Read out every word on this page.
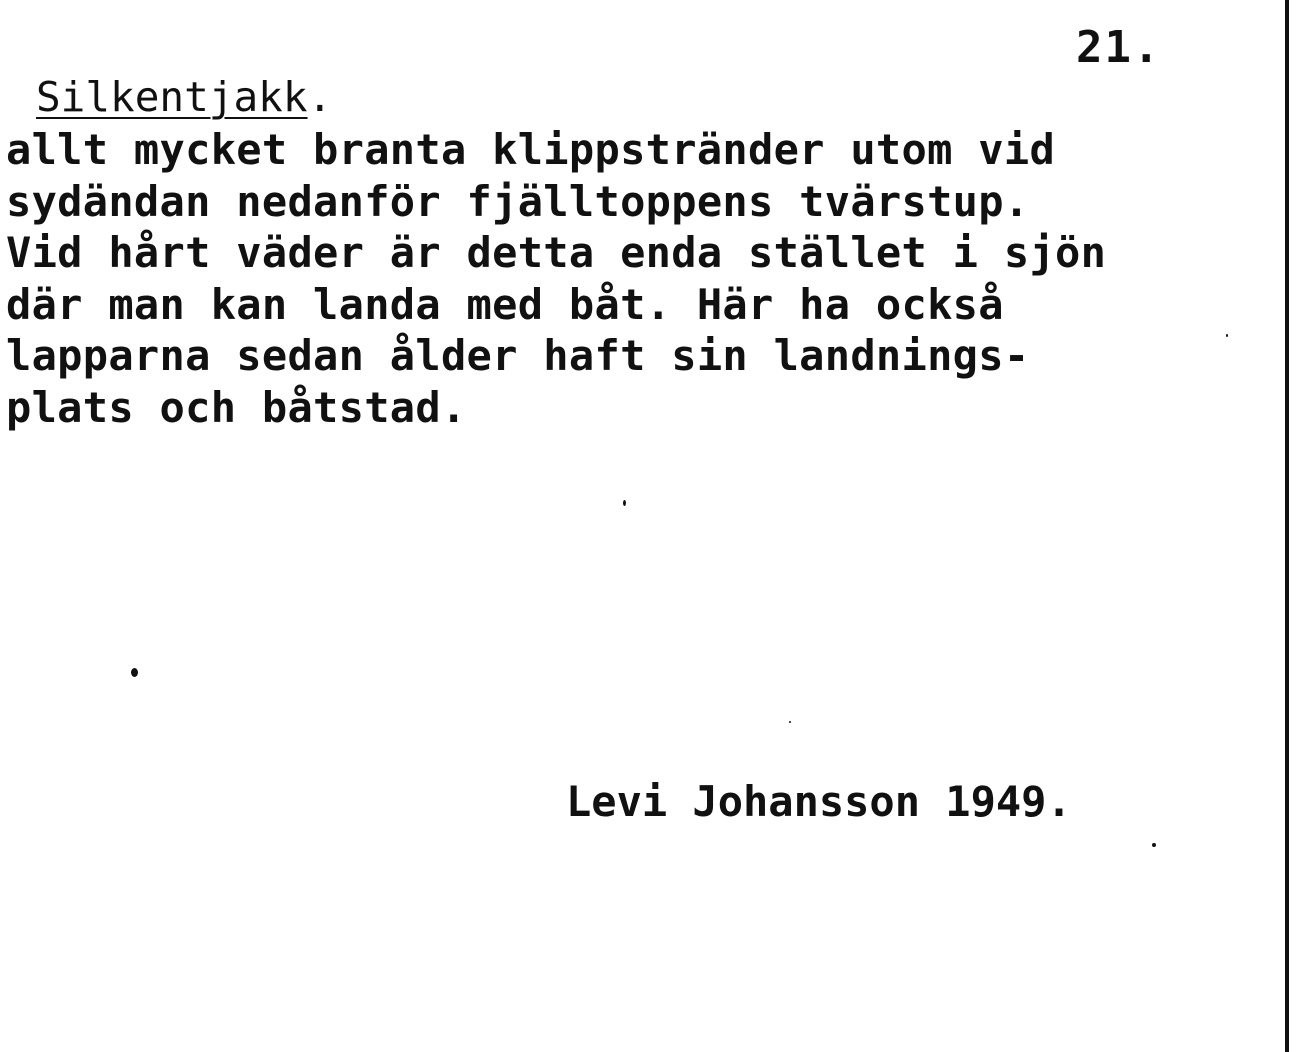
21.
Silkentjakk.
allt mycket branta klippstränder utom vid
sydändan nedanför fjälltoppens tvärstup.
Vid hårt väder är detta enda stället i sjön
där man kan landa med båt. Här ha också
lapparna sedan ålder haft sin landnings-
plats och båtstad.
Levi Johansson 1949.
